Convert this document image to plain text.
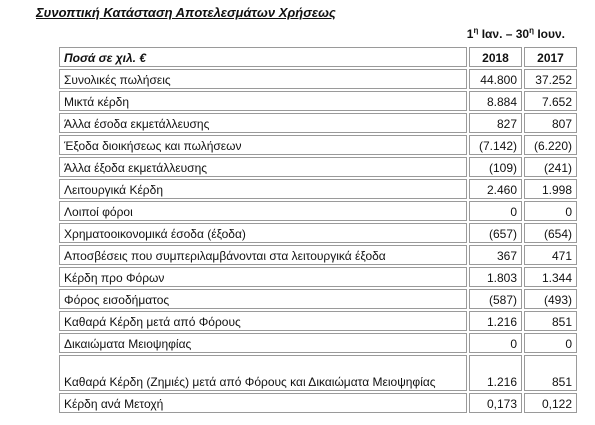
Συνοπτική Κατάσταση Αποτελεσμάτων Χρήσεως
$1^\eta$ Ιαν. – $30^\eta$ Ιουν.
Ποσά σε χιλ. €	2018	2017
Συνολικές πωλήσεις	44.800	37.252
Μικτά κέρδη	8.884	7.652
Άλλα έσοδα εκμετάλλευσης	827	807
Έξοδα διοικήσεως και πωλήσεων	(7.142)	(6.220)
Άλλα έξοδα εκμετάλλευσης	(109)	(241)
Λειτουργικά Κέρδη	2.460	1.998
Λοιποί φόροι	0	0
Χρηματοοικονομικά έσοδα (έξοδα)	(657)	(654)
Αποσβέσεις που συμπεριλαμβάνονται στα λειτουργικά έξοδα	367	471
Κέρδη προ Φόρων	1.803	1.344
Φόρος εισοδήματος	(587)	(493)
Καθαρά Κέρδη μετά από Φόρους	1.216	851
Δικαιώματα Μειοψηφίας	0	0
Καθαρά Κέρδη (Ζημιές) μετά από Φόρους και Δικαιώματα Μειοψηφίας	1.216	851
Κέρδη ανά Μετοχή	0,173	0,122
